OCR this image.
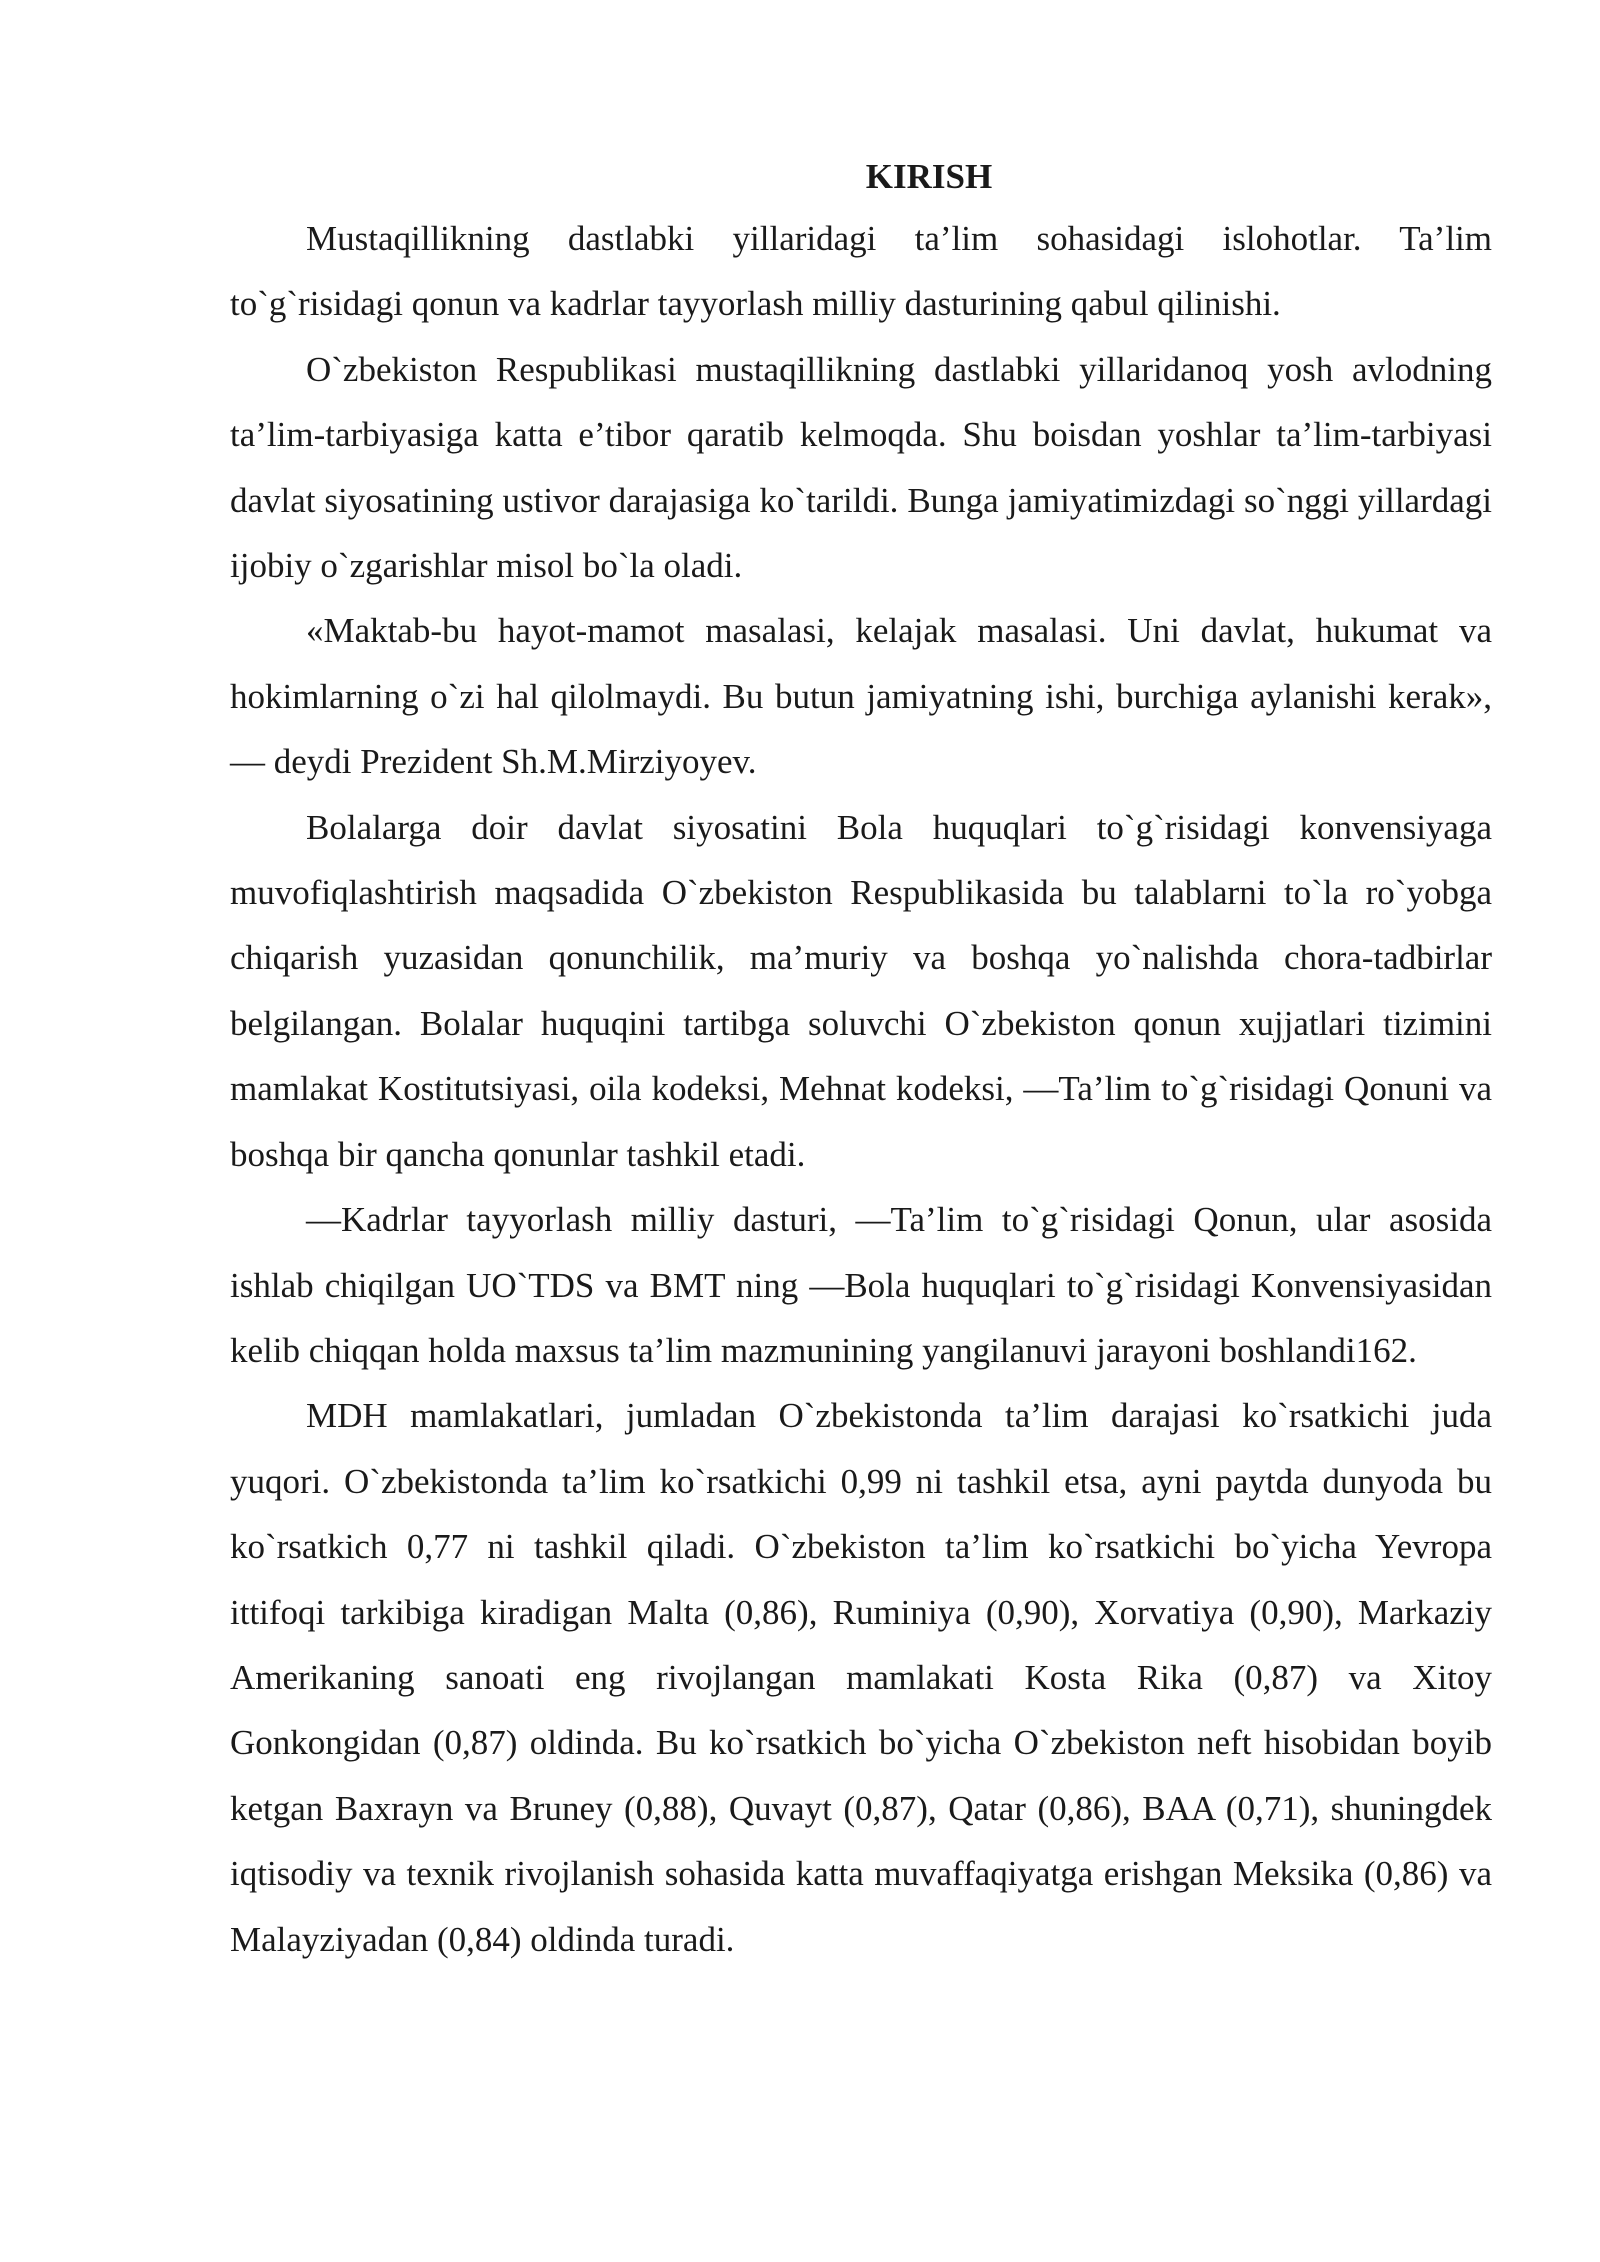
KIRISH

Mustaqillikning dastlabki yillaridagi ta’lim sohasidagi islohotlar. Ta’lim to`g`risidagi qonun va kadrlar tayyorlash milliy dasturining qabul qilinishi.

O`zbekiston Respublikasi mustaqillikning dastlabki yillaridanoq yosh avlodning ta’lim-tarbiyasiga katta e’tibor qaratib kelmoqda. Shu boisdan yoshlar ta’lim-tarbiyasi davlat siyosatining ustivor darajasiga ko`tarildi. Bunga jamiyatimizdagi so`nggi yillardagi ijobiy o`zgarishlar misol bo`la oladi.

«Maktab-bu hayot-mamot masalasi, kelajak masalasi. Uni davlat, hukumat va hokimlarning o`zi hal qilolmaydi. Bu butun jamiyatning ishi, burchiga aylanishi kerak», — deydi Prezident Sh.M.Mirziyoyev.

Bolalarga doir davlat siyosatini Bola huquqlari to`g`risidagi konvensiyaga muvofiqlashtirish maqsadida O`zbekiston Respublikasida bu talablarni to`la ro`yobga chiqarish yuzasidan qonunchilik, ma’muriy va boshqa yo`nalishda chora-tadbirlar belgilangan. Bolalar huquqini tartibga soluvchi O`zbekiston qonun xujjatlari tizimini mamlakat Kostitutsiyasi, oila kodeksi, Mehnat kodeksi, ―Ta’lim to`g`risidagi Qonuni va boshqa bir qancha qonunlar tashkil etadi.

―Kadrlar tayyorlash milliy dasturi, ―Ta’lim to`g`risidagi Qonun, ular asosida ishlab chiqilgan UO`TDS va BMT ning ―Bola huquqlari to`g`risidagi Konvensiyasidan kelib chiqqan holda maxsus ta’lim mazmunining yangilanuvi jarayoni boshlandi162.

MDH mamlakatlari, jumladan O`zbekistonda ta’lim darajasi ko`rsatkichi juda yuqori. O`zbekistonda ta’lim ko`rsatkichi 0,99 ni tashkil etsa, ayni paytda dunyoda bu ko`rsatkich 0,77 ni tashkil qiladi. O`zbekiston ta’lim ko`rsatkichi bo`yicha Yevropa ittifoqi tarkibiga kiradigan Malta (0,86), Ruminiya (0,90), Xorvatiya (0,90), Markaziy Amerikaning sanoati eng rivojlangan mamlakati Kosta Rika (0,87) va Xitoy Gonkongidan (0,87) oldinda. Bu ko`rsatkich bo`yicha O`zbekiston neft hisobidan boyib ketgan Baxrayn va Bruney (0,88), Quvayt (0,87), Qatar (0,86), BAA (0,71), shuningdek iqtisodiy va texnik rivojlanish sohasida katta muvaffaqiyatga erishgan Meksika (0,86) va Malayziyadan (0,84) oldinda turadi.
